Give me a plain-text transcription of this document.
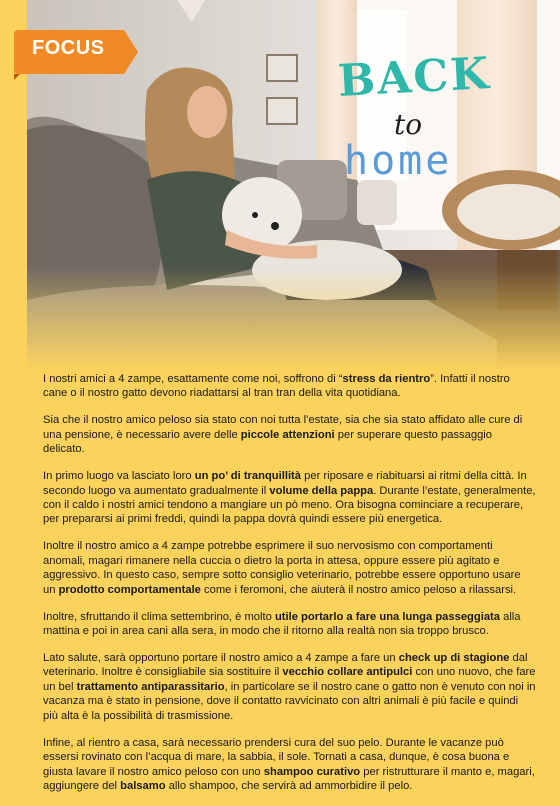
FOCUS
BACK
to
home

I nostri amici a 4 zampe, esattamente come noi, soffrono di “stress da rientro”. Infatti il nostro cane o il nostro gatto devono riadattarsi al tran tran della vita quotidiana.

Sia che il nostro amico peloso sia stato con noi tutta l’estate, sia che sia stato affidato alle cure di una pensione, è necessario avere delle piccole attenzioni per superare questo passaggio delicato.

In primo luogo va lasciato loro un po’ di tranquillità per riposare e riabituarsi ai ritmi della città. In secondo luogo va aumentato gradualmente il volume della pappa. Durante l’estate, generalmente, con il caldo i nostri amici tendono a mangiare un pò meno. Ora bisogna cominciare a recuperare, per prepararsi ai primi freddi, quindi la pappa dovrà quindi essere più energetica.

Inoltre il nostro amico a 4 zampe potrebbe esprimere il suo nervosismo con comportamenti anomali, magari rimanere nella cuccia o dietro la porta in attesa, oppure essere più agitato e aggressivo. In questo caso, sempre sotto consiglio veterinario, potrebbe essere opportuno usare un prodotto comportamentale come i feromoni, che aiuterà il nostro amico peloso a rilassarsi.

Inoltre, sfruttando il clima settembrino, è molto utile portarlo a fare una lunga passeggiata alla mattina e poi in area cani alla sera, in modo che il ritorno alla realtà non sia troppo brusco.

Lato salute, sarà opportuno portare il nostro amico a 4 zampe a fare un check up di stagione dal veterinario. Inoltre è consigliabile sia sostituire il vecchio collare antipulci con uno nuovo, che fare un bel trattamento antiparassitario, in particolare se il nostro cane o gatto non è venuto con noi in vacanza ma è stato in pensione, dove il contatto ravvicinato con altri animali è più facile e quindi più alta è la possibilità di trasmissione.

Infine, al rientro a casa, sarà necessario prendersi cura del suo pelo. Durante le vacanze può essersi rovinato con l’acqua di mare, la sabbia, il sole. Tornati a casa, dunque, è cosa buona e giusta lavare il nostro amico peloso con uno shampoo curativo per ristrutturare il manto e, magari, aggiungere del balsamo allo shampoo, che servirà ad ammorbidire il pelo.
